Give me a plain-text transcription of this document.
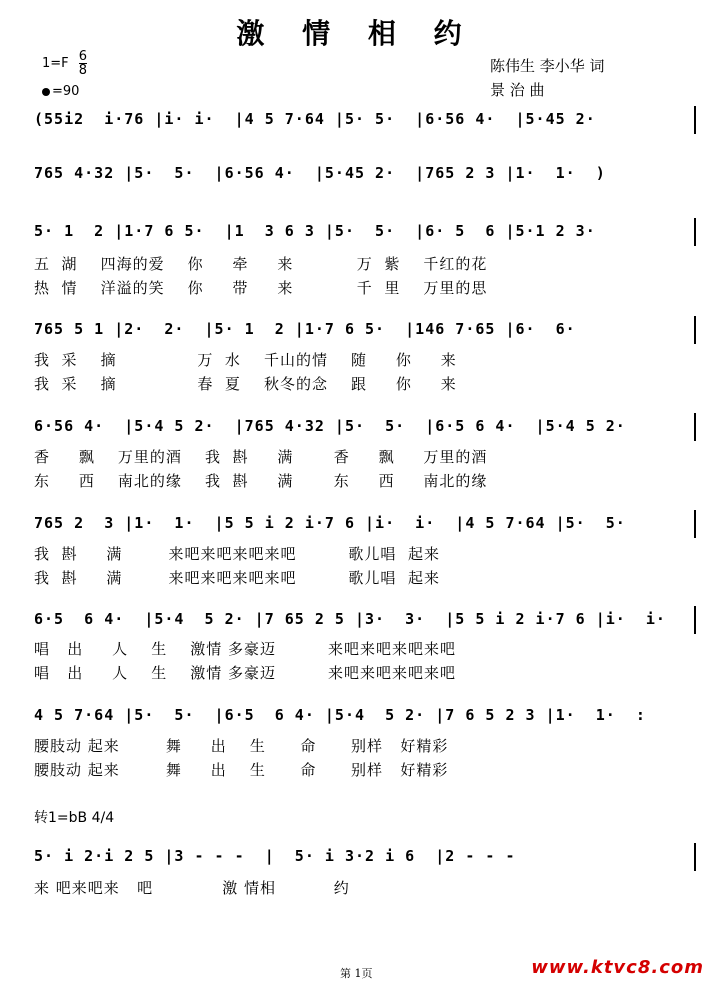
激 情 相 约
$1=F \frac{6}{8}$
=90
陈伟生 李小华 词
景 治 曲
(55i2  i·76 |i· i·  |4 5 7·64 |5· 5·  |6·56 4·  |5·45 2·
765 4·32 |5·  5·  |6·56 4·  |5·45 2·  |765 2 3 |1·  1·  )
5· 1  2 |1·7 6 5·  |1  3 6 3 |5·  5·  |6· 5  6 |5·1 2 3·
五  湖    四海的爱    你     牵     来           万  紫    千红的花
热  情    洋溢的笑    你     带     来           千  里    万里的思
765 5 1 |2·  2·  |5· 1  2 |1·7 6 5·  |146 7·65 |6·  6·
我  采    摘              万  水    千山的情    随     你     来
我  采    摘              春  夏    秋冬的念    跟     你     来
6·56 4·  |5·4 5 2·  |765 4·32 |5·  5·  |6·5 6 4·  |5·4 5 2·
香     飘    万里的酒    我  斟     满       香     飘     万里的酒
东     西    南北的缘    我  斟     满       东     西     南北的缘
765 2  3 |1·  1·  |5 5 i 2 i·7 6 |i·  i·  |4 5 7·64 |5·  5·
我  斟     满        来吧来吧来吧来吧         歌儿唱  起来
我  斟     满        来吧来吧来吧来吧         歌儿唱  起来
6·5  6 4·  |5·4  5 2· |7 65 2 5 |3·  3·  |5 5 i 2 i·7 6 |i·  i·
唱   出     人    生    激情 多豪迈         来吧来吧来吧来吧
唱   出     人    生    激情 多豪迈         来吧来吧来吧来吧
4 5 7·64 |5·  5·  |6·5  6 4· |5·4  5 2· |7 6 5 2 3 |1·  1·  :
腰肢动 起来        舞     出    生      命      别样   好精彩
腰肢动 起来        舞     出    生      命      别样   好精彩
转1=bB 4/4
5· i 2·i 2 5 |3 - - -  |  5· i 3·2 i 6  |2 - - -
来 吧来吧来   吧            激 情相          约
第 1页	www.ktvc8.com
